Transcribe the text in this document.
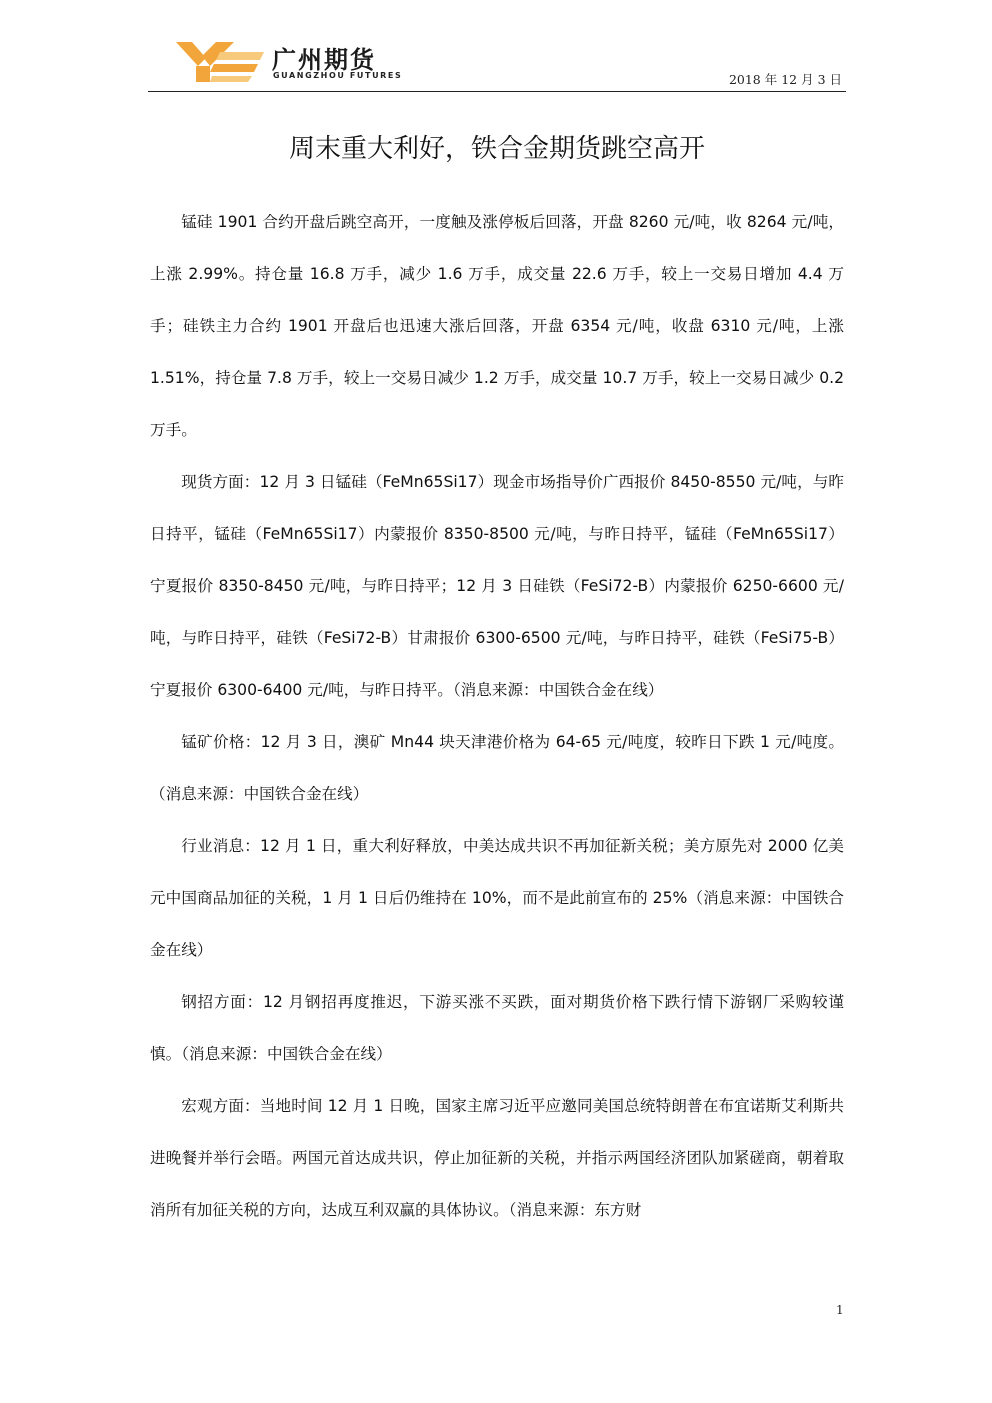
广州期货
GUANGZHOU FUTURES	2018 年 12 月 3 日
周末重大利好，铁合金期货跳空高开

锰硅 1901 合约开盘后跳空高开，一度触及涨停板后回落，开盘 8260 元/吨，收 8264 元/吨，上涨 2.99%。持仓量 16.8 万手，减少 1.6 万手，成交量 22.6 万手，较上一交易日增加 4.4 万手；硅铁主力合约 1901 开盘后也迅速大涨后回落，开盘 6354 元/吨，收盘 6310 元/吨，上涨 1.51%，持仓量 7.8 万手，较上一交易日减少 1.2 万手，成交量 10.7 万手，较上一交易日减少 0.2 万手。

现货方面：12 月 3 日锰硅（FeMn65Si17）现金市场指导价广西报价 8450-8550 元/吨，与昨日持平，锰硅（FeMn65Si17）内蒙报价 8350-8500 元/吨，与昨日持平，锰硅（FeMn65Si17）宁夏报价 8350-8450 元/吨，与昨日持平；12 月 3 日硅铁（FeSi72-B）内蒙报价 6250-6600 元/吨，与昨日持平，硅铁（FeSi72-B）甘肃报价 6300-6500 元/吨，与昨日持平，硅铁（FeSi75-B）宁夏报价 6300-6400 元/吨，与昨日持平。（消息来源：中国铁合金在线）

锰矿价格：12 月 3 日，澳矿 Mn44 块天津港价格为 64-65 元/吨度，较昨日下跌 1 元/吨度。（消息来源：中国铁合金在线）

行业消息：12 月 1 日，重大利好释放，中美达成共识不再加征新关税；美方原先对 2000 亿美元中国商品加征的关税，1 月 1 日后仍维持在 10%，而不是此前宣布的 25%（消息来源：中国铁合金在线）

钢招方面：12 月钢招再度推迟，下游买涨不买跌，面对期货价格下跌行情下游钢厂采购较谨慎。（消息来源：中国铁合金在线）

宏观方面：当地时间 12 月 1 日晚，国家主席习近平应邀同美国总统特朗普在布宜诺斯艾利斯共进晚餐并举行会晤。两国元首达成共识，停止加征新的关税，并指示两国经济团队加紧磋商，朝着取消所有加征关税的方向，达成互利双赢的具体协议。（消息来源：东方财

1
